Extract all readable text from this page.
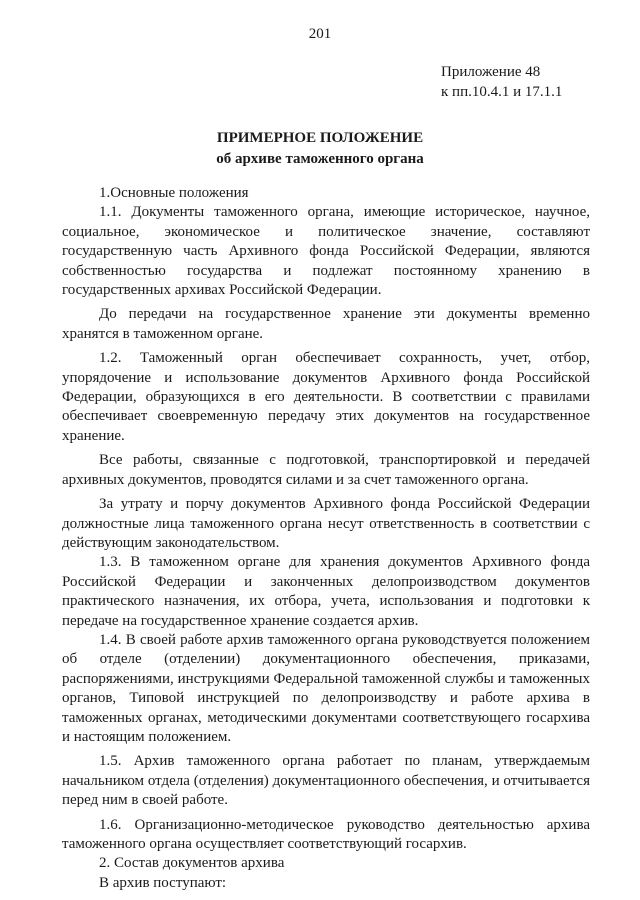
201
Приложение 48
к пп.10.4.1 и 17.1.1
ПРИМЕРНОЕ ПОЛОЖЕНИЕ
об архиве таможенного органа

1.Основные положения

1.1. Документы таможенного органа, имеющие историческое, научное, социальное, экономическое и политическое значение, составляют государственную часть Архивного фонда Российской Федерации, являются собственностью государства и подлежат постоянному хранению в государственных архивах Российской Федерации.

До передачи на государственное хранение эти документы временно хранятся в таможенном органе.

1.2. Таможенный орган обеспечивает сохранность, учет, отбор, упорядочение и использование документов Архивного фонда Российской Федерации, образующихся в его деятельности. В соответствии с правилами обеспечивает своевременную передачу этих документов на государственное хранение.

Все работы, связанные с подготовкой, транспортировкой и передачей архивных документов, проводятся силами и за счет таможенного органа.

За утрату и порчу документов Архивного фонда Российской Федерации должностные лица таможенного органа несут ответственность в соответствии с действующим законодательством.

1.3. В таможенном органе для хранения документов Архивного фонда Российской Федерации и законченных делопроизводством документов практического назначения, их отбора, учета, использования и подготовки к передаче на государственное хранение создается архив.

1.4. В своей работе архив таможенного органа руководствуется положением об отделе (отделении) документационного обеспечения, приказами, распоряжениями, инструкциями Федеральной таможенной службы и таможенных органов, Типовой инструкцией по делопроизводству и работе архива в таможенных органах, методическими документами соответствующего госархива и настоящим положением.

1.5. Архив таможенного органа работает по планам, утверждаемым начальником отдела (отделения) документационного обеспечения, и отчитывается перед ним в своей работе.

1.6. Организационно-методическое руководство деятельностью архива таможенного органа осуществляет соответствующий госархив.

2. Состав документов архива

В архив поступают:
